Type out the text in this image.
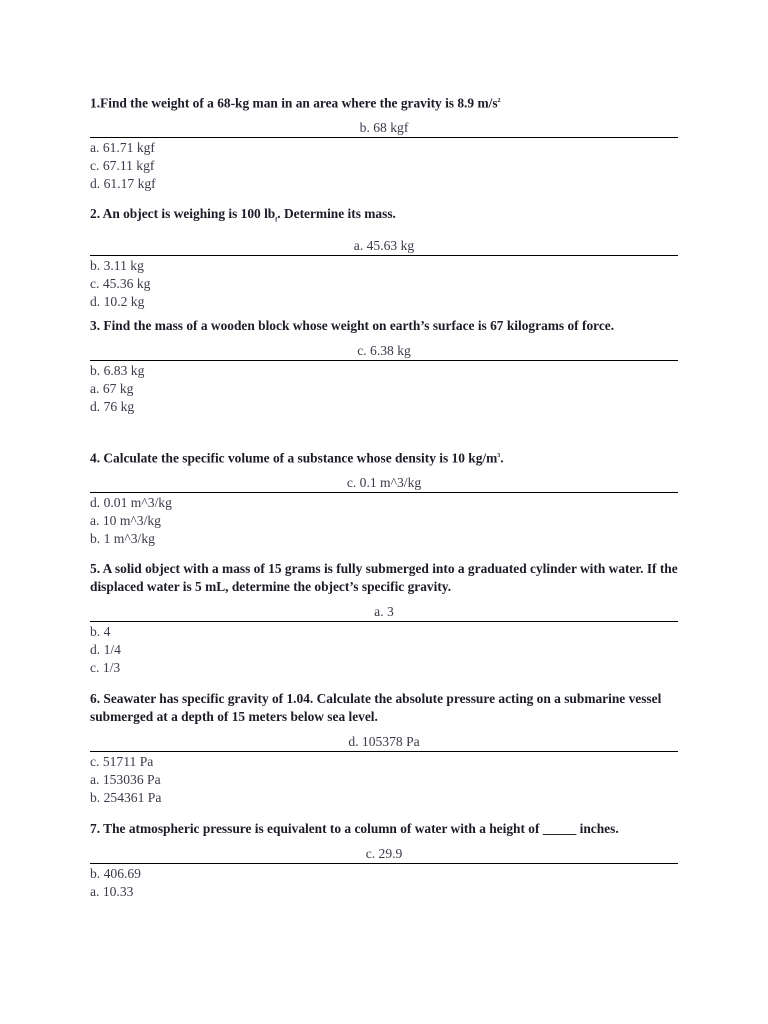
1.Find the weight of a 68-kg man in an area where the gravity is 8.9 $m/s^2$

b. 68 kgf
a. 61.71 kgf
c. 67.11 kgf
d. 61.17 kgf

2. An object is weighing is 100 $lb_f$. Determine its mass.

a. 45.63 kg
b. 3.11 kg
c. 45.36 kg
d. 10.2 kg

3. Find the mass of a wooden block whose weight on earth’s surface is 67 kilograms of force.

c. 6.38 kg
b. 6.83 kg
a. 67 kg
d. 76 kg

4. Calculate the specific volume of a substance whose density is 10 $kg/m^3$.

c. 0.1 m^3/kg
d. 0.01 m^3/kg
a. 10 m^3/kg
b. 1 m^3/kg

5. A solid object with a mass of 15 grams is fully submerged into a graduated cylinder with water. If the displaced water is 5 mL, determine the object’s specific gravity.

a. 3
b. 4
d. 1/4
c. 1/3

6. Seawater has specific gravity of 1.04. Calculate the absolute pressure acting on a submarine vessel submerged at a depth of 15 meters below sea level.

d. 105378 Pa
c. 51711 Pa
a. 153036 Pa
b. 254361 Pa

7. The atmospheric pressure is equivalent to a column of water with a height of _____ inches.

c. 29.9
b. 406.69
a. 10.33
